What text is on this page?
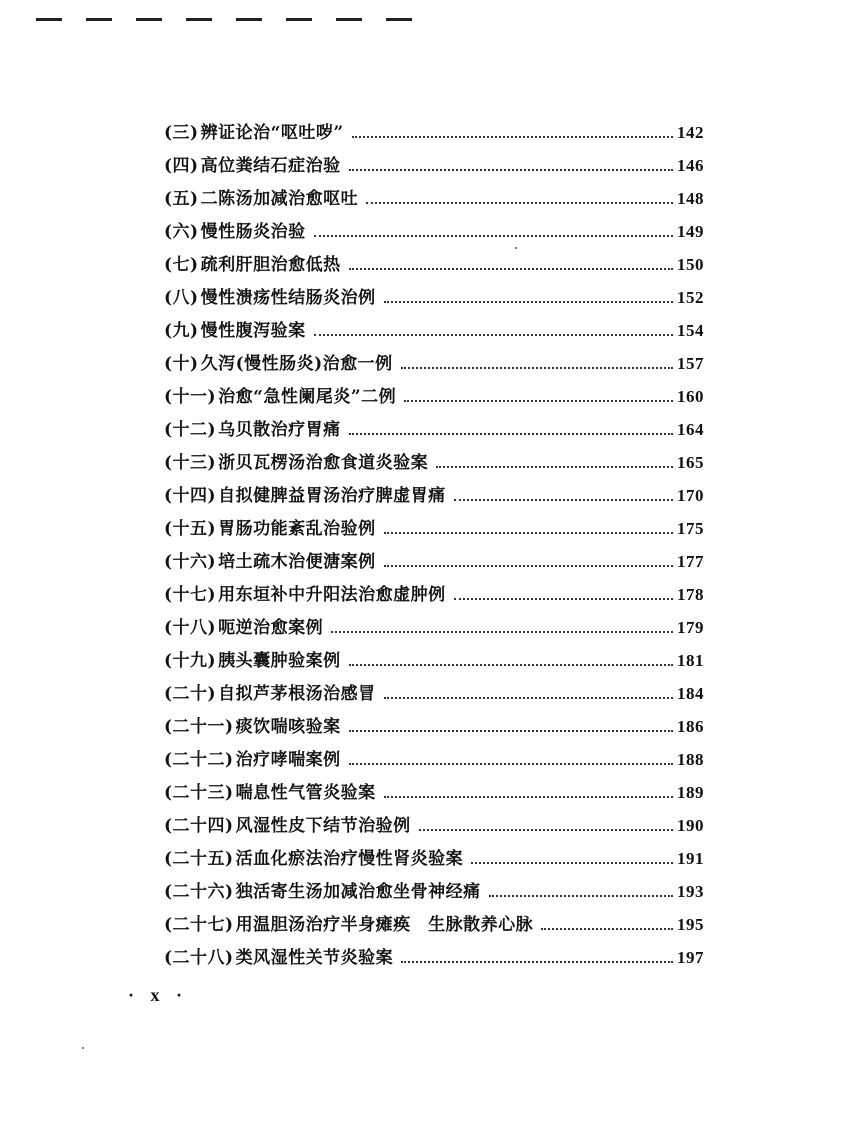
(三) 辨证论治“呕吐哕”	142
(四) 高位粪结石症治验	146
(五) 二陈汤加减治愈呕吐	148
(六) 慢性肠炎治验	149
(七) 疏利肝胆治愈低热	150
(八) 慢性溃疡性结肠炎治例	152
(九) 慢性腹泻验案	154
(十) 久泻(慢性肠炎)治愈一例	157
(十一) 治愈“急性阑尾炎”二例	160
(十二) 乌贝散治疗胃痛	164
(十三) 浙贝瓦楞汤治愈食道炎验案	165
(十四) 自拟健脾益胃汤治疗脾虚胃痛	170
(十五) 胃肠功能紊乱治验例	175
(十六) 培土疏木治便溏案例	177
(十七) 用东垣补中升阳法治愈虚肿例	178
(十八) 呃逆治愈案例	179
(十九) 胰头囊肿验案例	181
(二十) 自拟芦茅根汤治感冒	184
(二十一) 痰饮喘咳验案	186
(二十二) 治疗哮喘案例	188
(二十三) 喘息性气管炎验案	189
(二十四) 风湿性皮下结节治验例	190
(二十五) 活血化瘀法治疗慢性肾炎验案	191
(二十六) 独活寄生汤加减治愈坐骨神经痛	193
(二十七) 用温胆汤治疗半身瘫痪　生脉散养心脉	195
(二十八) 类风湿性关节炎验案	197
· x ·
